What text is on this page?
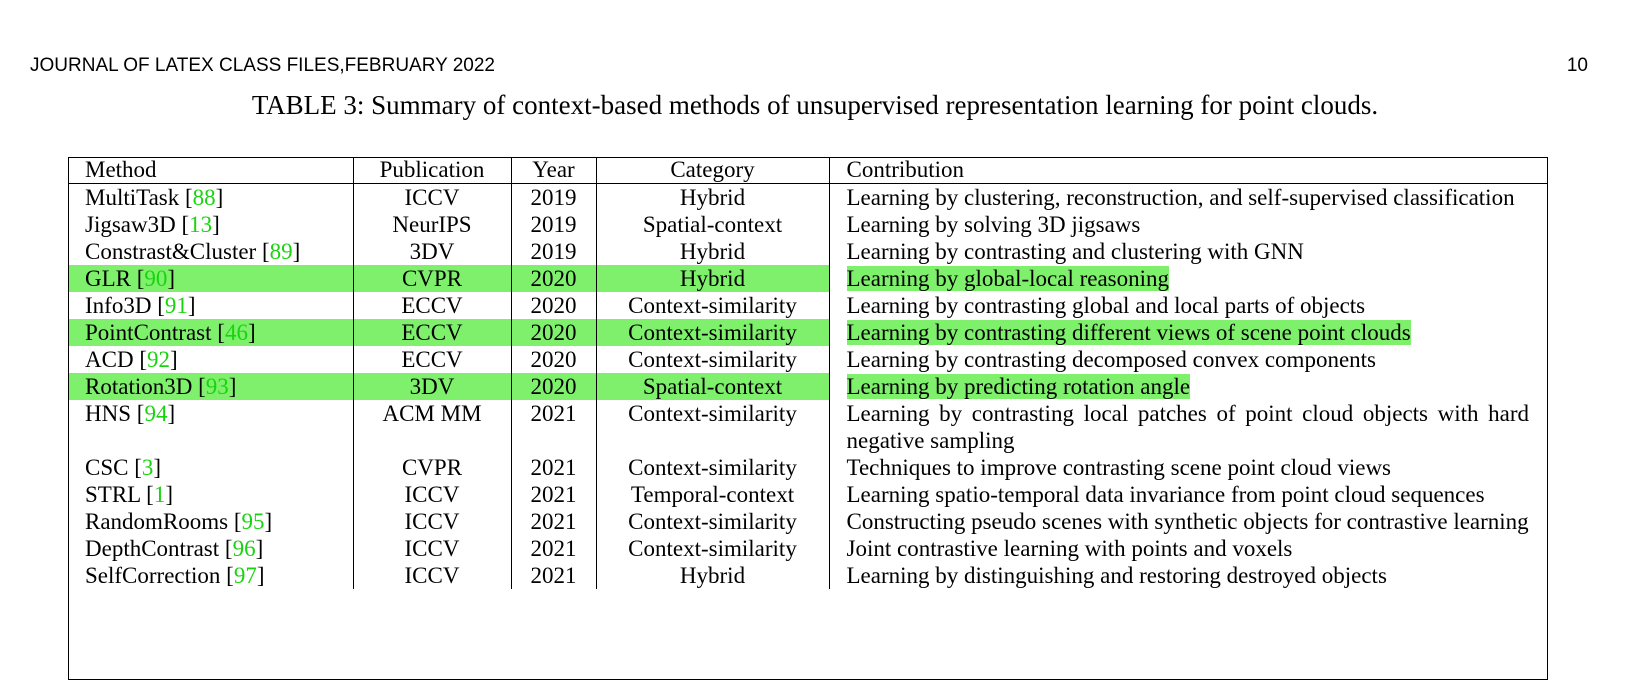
JOURNAL OF LATEX CLASS FILES,FEBRUARY 2022	10
TABLE 3: Summary of context-based methods of unsupervised representation learning for point clouds.
Method	Publication	Year	Category	Contribution
MultiTask [88]	ICCV	2019	Hybrid	Learning by clustering, reconstruction, and self-supervised classification
Jigsaw3D [13]	NeurIPS	2019	Spatial-context	Learning by solving 3D jigsaws
Constrast&Cluster [89]	3DV	2019	Hybrid	Learning by contrasting and clustering with GNN
GLR [90]	CVPR	2020	Hybrid	Learning by global-local reasoning
Info3D [91]	ECCV	2020	Context-similarity	Learning by contrasting global and local parts of objects
PointContrast [46]	ECCV	2020	Context-similarity	Learning by contrasting different views of scene point clouds
ACD [92]	ECCV	2020	Context-similarity	Learning by contrasting decomposed convex components
Rotation3D [93]	3DV	2020	Spatial-context	Learning by predicting rotation angle
HNS [94]	ACM MM	2021	Context-similarity	Learning by contrasting local patches of point cloud objects with hard negative sampling
CSC [3]	CVPR	2021	Context-similarity	Techniques to improve contrasting scene point cloud views
STRL [1]	ICCV	2021	Temporal-context	Learning spatio-temporal data invariance from point cloud sequences
RandomRooms [95]	ICCV	2021	Context-similarity	Constructing pseudo scenes with synthetic objects for contrastive learning
DepthContrast [96]	ICCV	2021	Context-similarity	Joint contrastive learning with points and voxels
SelfCorrection [97]	ICCV	2021	Hybrid	Learning by distinguishing and restoring destroyed objects
